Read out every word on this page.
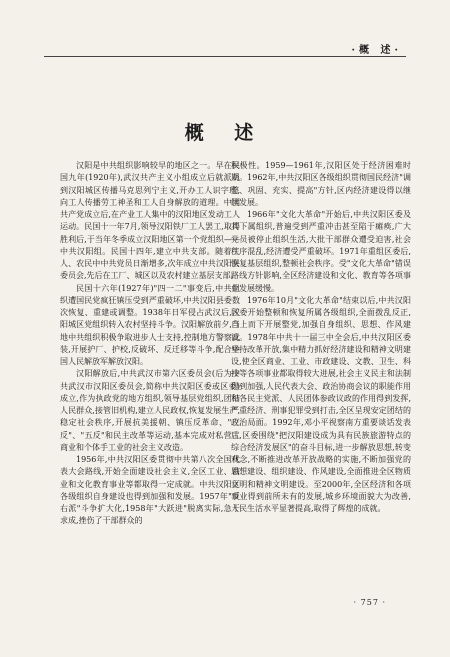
·概 述·
概 述

汉阳是中共组织影响较早的地区之一。早在民国九年(1920年),武汉共产主义小组成立后就派员到汉阳城区传播马克思列宁主义,开办工人识字班,向工人传播劳工神圣和工人自身解放的道理。中国共产党成立后,在产业工人集中的汉阳地区发动工人运动。民国十一年7月,领导汉阳铁厂工人罢工,取得胜利后,于当年冬季成立汉阳地区第一个党组织——中共汉阳组。民国十四年,建立中共支部。随着工人、农民中中共党员日渐增多,次年成立中共汉阳县委员会,先后在工厂、城区以及农村建立基层支部。

民国十六年(1927年)"四一二"事变后,中共组织遭国民党疯狂镇压受到严重破坏,中共汉阳县委数次恢复、重建或调整。1938年日军侵占武汉后,汉阳城区党组织转入农村坚持斗争。汉阳解放前夕,当地中共组织积极争取进步人士支持,控制地方警察武装,开展护厂、护校,反破坏、反迁移等斗争,配合中国人民解放军解放汉阳。

汉阳解放后,中共武汉市第六区委员会(后为中共武汉市汉阳区委员会,简称中共汉阳区委或区委)成立,作为执政党的地方组织,领导基层党组织,团结人民群众,接管旧机构,建立人民政权,恢复发展生产,稳定社会秩序,开展抗美援朝、镇压反革命、"三反"、"五反"和民主改革等运动,基本完成对私营工商业和个体手工业的社会主义改造。

1956年,中共汉阳区委贯彻中共第八次全国代表大会路线,开始全面建设社会主义,全区工业、商业和文化教育事业等都取得一定成就。中共汉阳区各级组织自身建设也得到加强和发展。1957年"反右派"斗争扩大化,1958年"大跃进"脱离实际,急于求成,挫伤了干部群众的

积极性。1959—1961年,汉阳区处于经济困难时期。1962年,中共汉阳区各级组织贯彻国民经济"调整、巩固、充实、提高"方针,区内经济建设得以继续发展。

1966年"文化大革命"开始后,中共汉阳区委及其下属组织,普遍受到严重冲击甚至陷于瘫痪,广大党员被停止组织生活,大批干部群众遭受迫害,社会秩序混乱,经济遭受严重破坏。1971年重组区委后,恢复基层组织,整顿社会秩序。受"文化大革命"错误路线方针影响,全区经济建设和文化、教育等各项事业发展缓慢。

1976年10月"文化大革命"结束以后,中共汉阳区委开始整顿和恢复所属各级组织,全面拨乱反正,自上而下开展整党,加强自身组织、思想、作风建设。1978年中共十一届三中全会后,中共汉阳区委坚持改革开放,集中精力抓好经济建设和精神文明建设,使全区商业、工业、市政建设、文教、卫生、科技等各项事业都取得较大进展,社会主义民主和法制得到加强,人民代表大会、政治协商会议的职能作用和各民主党派、人民团体参政议政的作用得到发挥,严重经济、刑事犯罪受到打击,全区呈现安定团结的政治局面。1992年,邓小平视察南方重要谈话发表后,区委围绕"把汉阳建设成为具有民族旅游特点的综合经济发展区"的奋斗目标,进一步解放思想,转变观念,不断推进改革开放战略的实施,不断加强党的思想建设、组织建设、作风建设,全面推进全区物质文明和精神文明建设。至2000年,全区经济和各项事业得到前所未有的发展,城乡环境面貌大为改善,人民生活水平显著提高,取得了辉煌的成就。

· 757 ·
